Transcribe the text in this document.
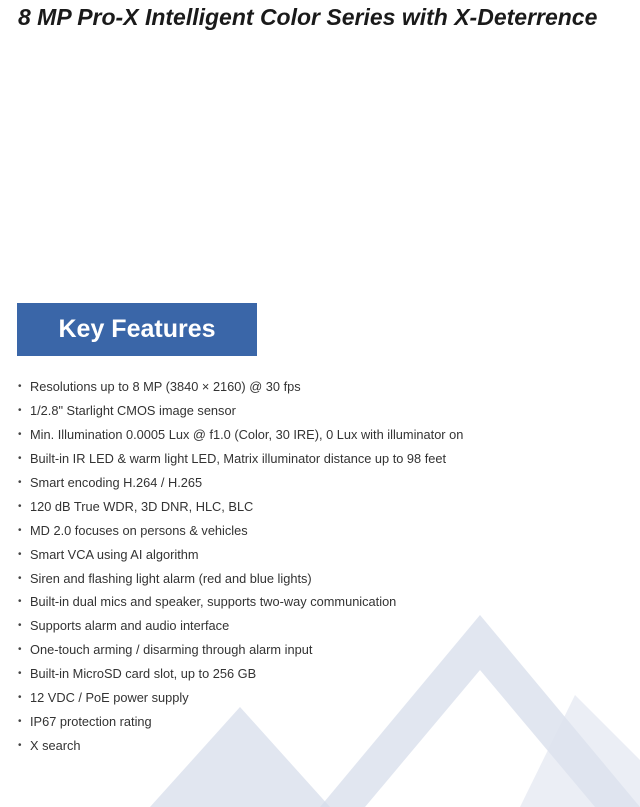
8 MP Pro-X Intelligent Color Series with X-Deterrence
Key Features
• Resolutions up to 8 MP (3840 × 2160) @ 30 fps
• 1/2.8" Starlight CMOS image sensor
• Min. Illumination 0.0005 Lux @ f1.0 (Color, 30 IRE), 0 Lux with illuminator on
• Built-in IR LED & warm light LED, Matrix illuminator distance up to 98 feet
• Smart encoding H.264 / H.265
• 120 dB True WDR, 3D DNR, HLC, BLC
• MD 2.0 focuses on persons & vehicles
• Smart VCA using AI algorithm
• Siren and flashing light alarm (red and blue lights)
• Built-in dual mics and speaker, supports two-way communication
• Supports alarm and audio interface
• One-touch arming / disarming through alarm input
• Built-in MicroSD card slot, up to 256 GB
• 12 VDC / PoE power supply
• IP67 protection rating
• X search
